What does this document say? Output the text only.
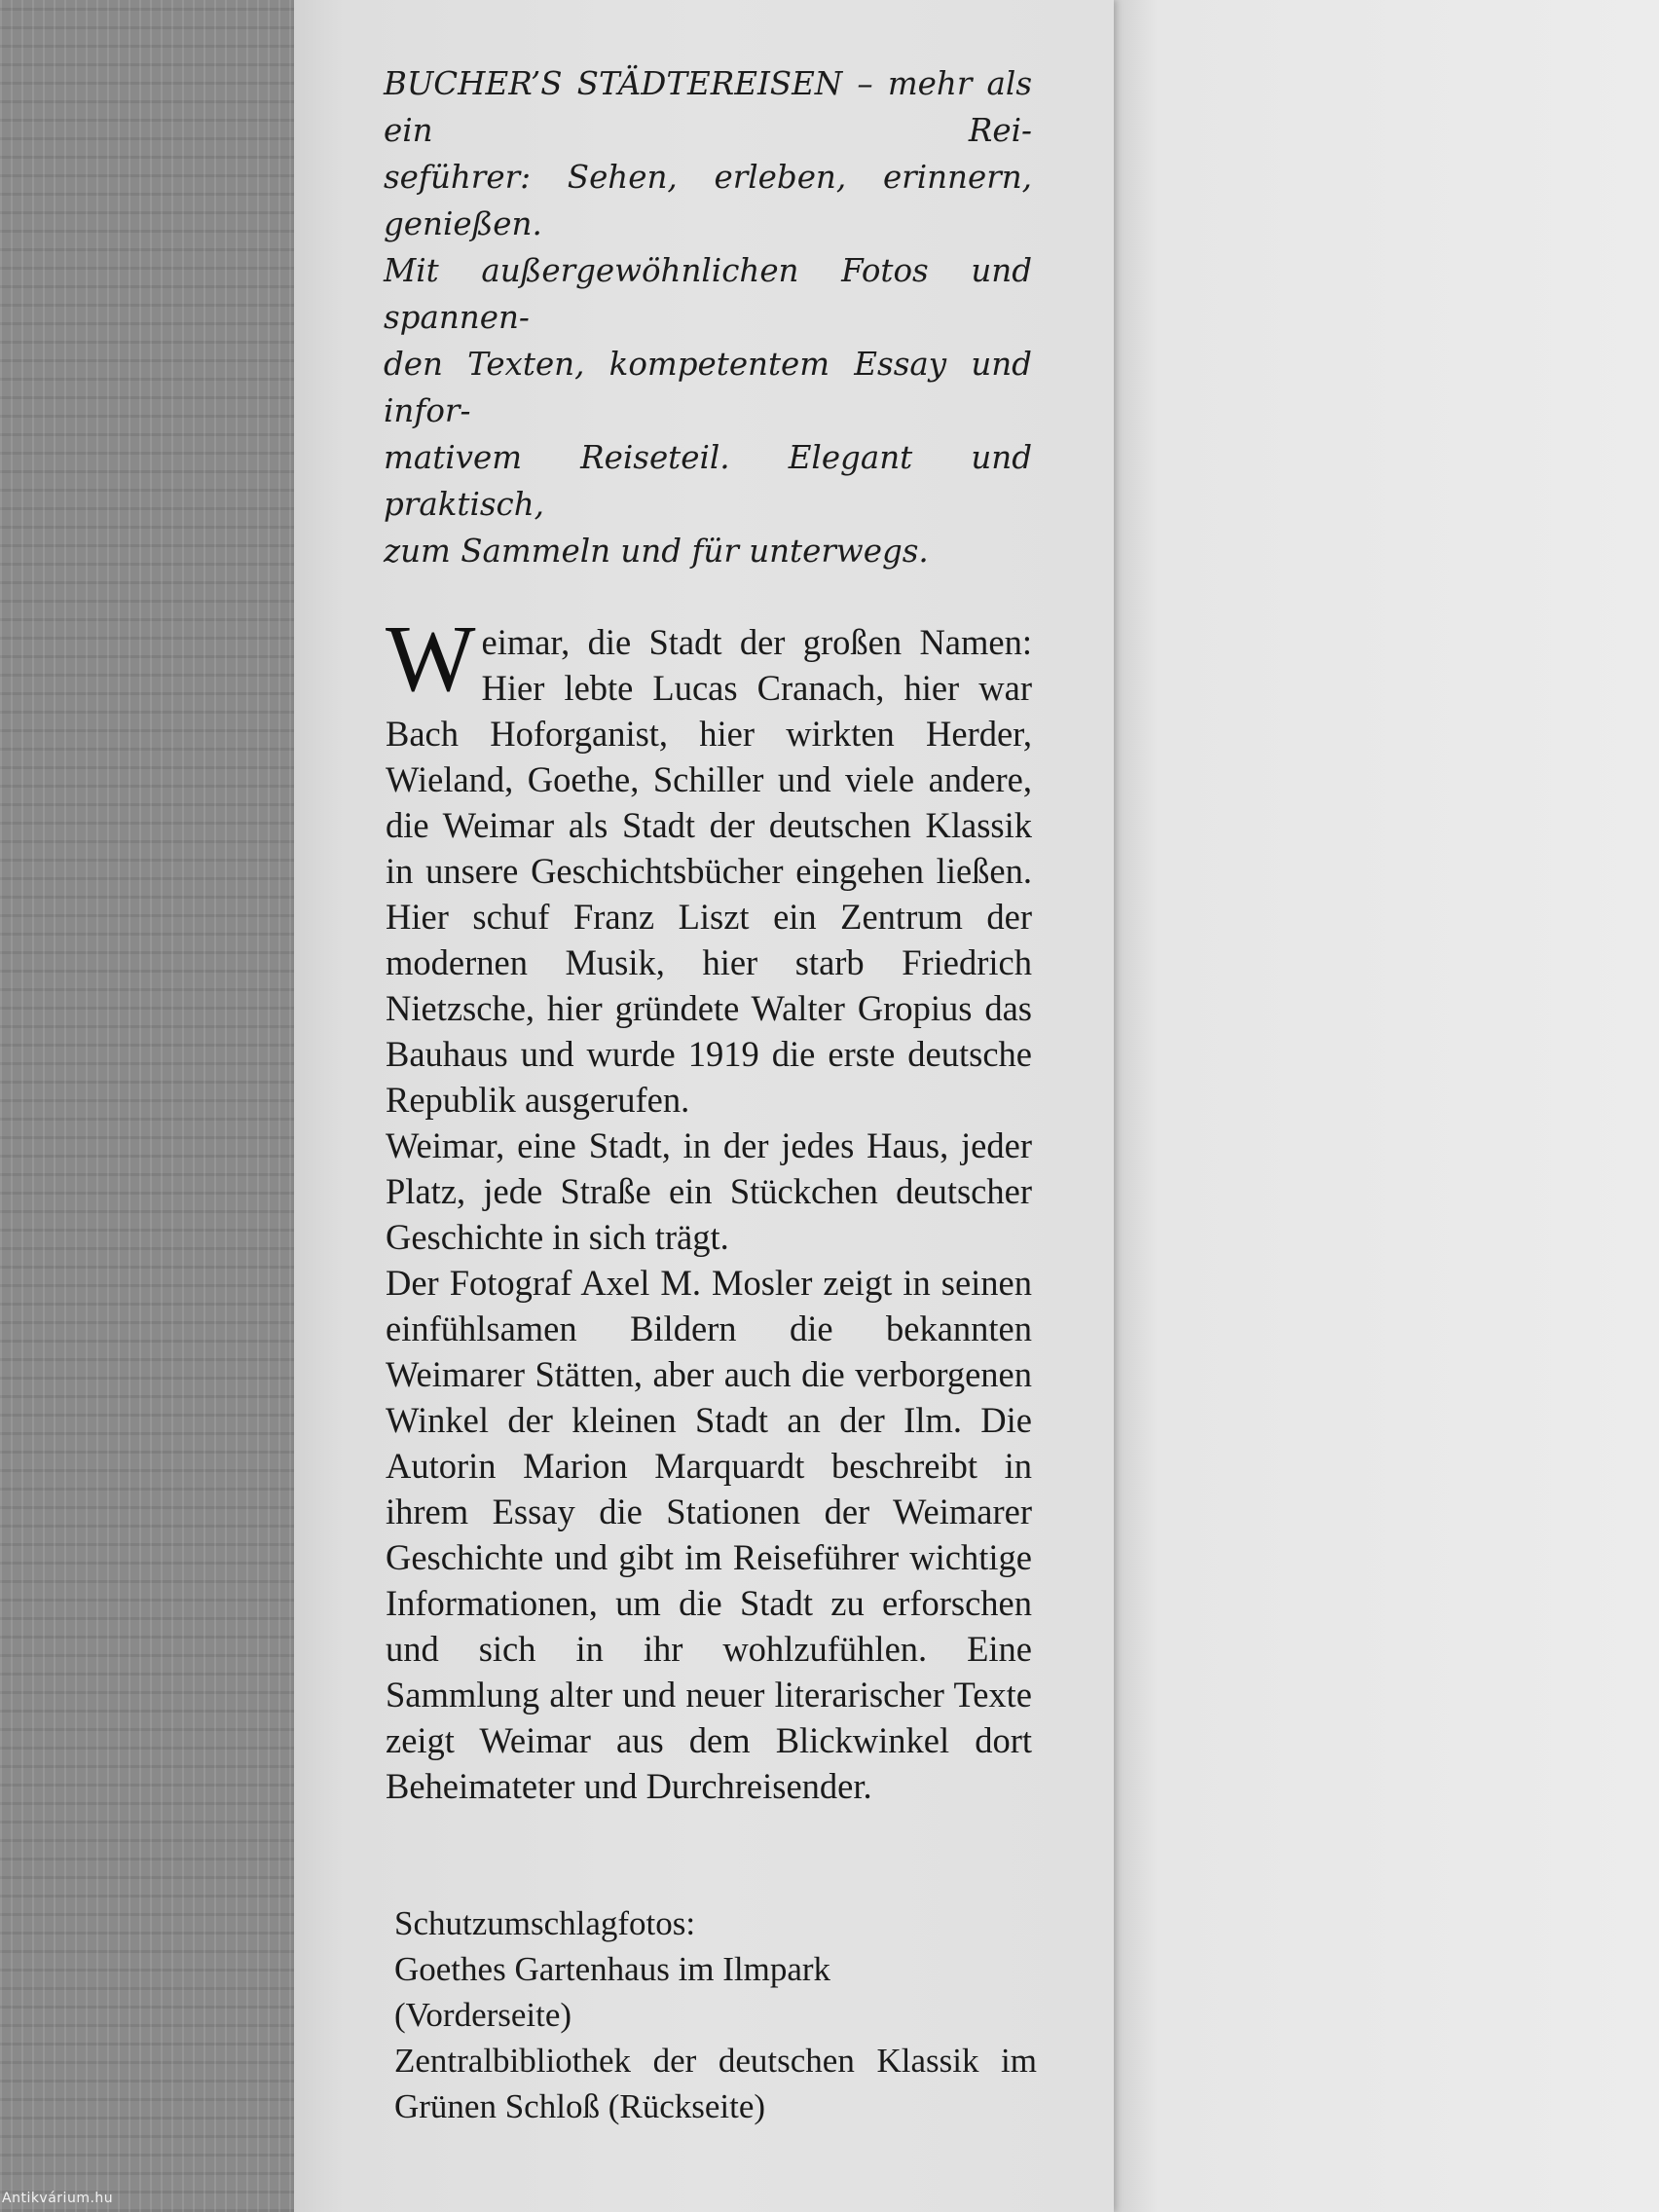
BUCHER’S STÄDTEREISEN – mehr als ein Rei-
seführer: Sehen, erleben, erinnern, genießen.
Mit außergewöhnlichen Fotos und spannen-
den Texten, kompetentem Essay und infor-
mativem Reiseteil. Elegant und praktisch,
zum Sammeln und für unterwegs.

Weimar, die Stadt der großen Namen: Hier lebte Lucas Cranach, hier war Bach Hoforganist, hier wirkten Herder, Wieland, Goethe, Schiller und viele andere, die Weimar als Stadt der deutschen Klassik in unsere Geschichtsbücher eingehen ließen. Hier schuf Franz Liszt ein Zentrum der modernen Musik, hier starb Friedrich Nietzsche, hier gründete Walter Gropius das Bauhaus und wurde 1919 die erste deutsche Republik ausgerufen.

Weimar, eine Stadt, in der jedes Haus, jeder Platz, jede Straße ein Stückchen deutscher Geschichte in sich trägt.

Der Fotograf Axel M. Mosler zeigt in seinen einfühlsamen Bildern die bekannten Weimarer Stätten, aber auch die verborgenen Winkel der kleinen Stadt an der Ilm. Die Autorin Marion Marquardt beschreibt in ihrem Essay die Stationen der Weimarer Geschichte und gibt im Reiseführer wichtige Informationen, um die Stadt zu erforschen und sich in ihr wohlzufühlen. Eine Sammlung alter und neuer literarischer Texte zeigt Weimar aus dem Blickwinkel dort Beheimateter und Durchreisender.

Schutzumschlagfotos:
Goethes Gartenhaus im Ilmpark
(Vorderseite)
Zentralbibliothek der deutschen Klassik im
Grünen Schloß (Rückseite)
Antikvárium.hu
